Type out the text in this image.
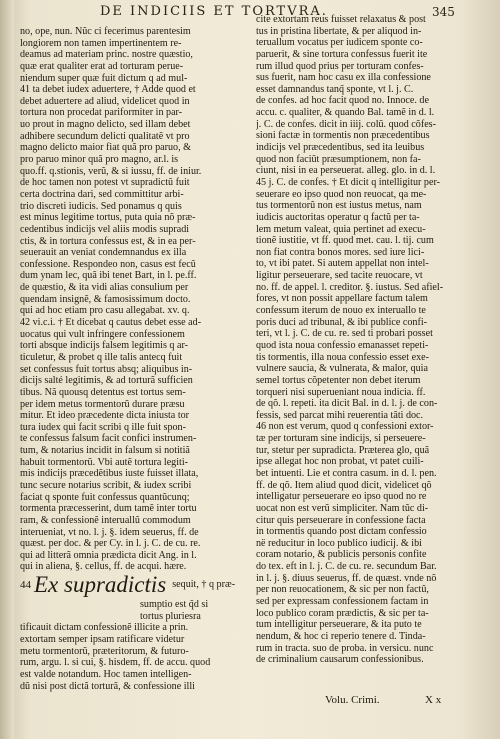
DE INDICIIS ET TORTVRA.	345
no, ope, nun. Nũc ci fecerimus parentesim
longiorem non tamen impertinentem re-
deamus ad materiam princ. nostre quæstio,
quæ erat qualiter erat ad torturam perue-
niendum super quæ fuit dictum q ad mul-
41 ta debet iudex aduertere, † Adde quod et
debet aduertere ad aliud, videlicet quod in
tortura non procedat pariformiter in par-
uo prout in magno delicto, sed illam debet
adhibere secundum delicti qualitatẽ vt pro
magno delicto maior fiat quã pro paruo, &
pro paruo minor quã pro magno, ar.l. is
quo.ff. q.stionis, verũ, & si iussu, ff. de iniur.
de hoc tamen non potest vt supradictũ fuit
certa doctrina dari, sed committitur arbi-
trio discreti iudicis. Sed ponamus q quis
est minus legitime tortus, puta quia nõ præ-
cedentibus indicijs vel aliis modis supradi
ctis, & in tortura confessus est, & in ea per-
seuerauit an veniat condemnandus ex illa
confessione. Respondeo non, casus est fecũ
dum ynam lec, quã ibi tenet Bart, in l. pe.ff.
de quæstio, & ita vidi alias consulium per
quendam insignẽ, & famosissimum docto.
qui ad hoc etiam pro casu allegabat. xv. q.
42 vi.c.i. † Et dicebat q cautus debet esse ad-
uocatus qui vult infringere confessionem
torti absque indicijs falsem legitimis q ar-
ticuletur, & probet q ille talis antecq fuit
set confessus fuit tortus absq; aliquibus in-
dicijs salté legitimis, & ad torturã sufficien
tibus. Nã quousq detentus est tortus sem-
per idem metus tormentorũ durare præsu
mitur. Et ideo præcedente dicta iniusta tor
tura iudex qui facit scribi q ille fuit spon-
te confessus falsum facit confici instrumen-
tum, & notarius incidit in falsum si notitiã
habuit tormentorũ. Vbi autẽ tortura legiti-
mis indicijs præcedẽtibus iuste fuisset illata,
tunc secure notarius scribit, & iudex scribi
faciat q sponte fuit confessus quantũcunq;
tormenta præcesserint, dum tamẽ inter tortu
ram, & confessionẽ interuallũ commodum
interueniat, vt no. l. j. §. idem seuerus, ff. de
quæst. per doc. & per Cy. in l. j. C. de cu. re.
qui ad litterã omnia prædicta dicit Ang. in l.
qui in aliena, §. cellus, ff. de acqui. hære.
$^{44}$ Ex supradictis $^{sequit, \dagger q præ-}$
sumptio est q̃d si
tortus pluriesra
tificauit dictam confessionẽ illicite a prin.
extortam semper ipsam ratificare videtur
metu tormentorũ, præteritorum, & futuro-
rum, argu. l. si cui, §. hisdem, ff. de accu. quod
est valde notandum. Hoc tamen intelligen-
dũ nisi post dictã torturã, & confessione illi
cite extortam reus fuisset relaxatus & post
tus in pristina libertate, & per aliquod in-
teruallum vocatus per iudicem sponte co-
paruerit, & sine tortura confessus fuerit ite
rum illud quod prius per torturam confes-
sus fuerit, nam hoc casu ex illa confessione
esset damnandus tanq̃ sponte, vt l. j. C.
de confes. ad hoc facit quod no. Innoce. de
accu. c. qualiter, & quando Bal. tamẽ in d. l.
j. C. de confes. dicit in iiij. colũ. quod cõfes-
sioni factæ in tormentis non præcedentibus
indicijs vel præcedentibus, sed ita leuibus
quod non faciũt præsumptionem, non fa-
ciunt, nisi in ea perseuerat. alleg. glo. in d. l.
45 j. C. de confes. † Et dicit q intelligitur per-
seuerare eo ipso quod non reuocat, qa me-
tus tormentorũ non est iustus metus, nam
iudicis auctoritas operatur q factũ per ta-
lem metum valeat, quia pertinet ad execu-
tionẽ iustitie, vt ff. quod met. cau. l. tij. cum
non fiat contra bonos mores. sed iure lici-
to, vt ibi patet. Si autem appellat non intel-
ligitur perseuerare, sed tacite reuocare, vt
no. ff. de appel. l. creditor. §. iustus. Sed afiel-
fores, vt non possit appellare factum talem
confessum iterum de nouo ex interuallo te
poris duci ad tribunal, & ibi publice confi-
teri, vt l. j. C. de cu. re. sed ti probari posset
quod ista noua confessio emanasset repeti-
tis tormentis, illa noua confessio esset exe-
vulnere saucia, & vulnerata, & malor, quia
semel tortus cõpetenter non debet iterum
torqueri nisi superueniant noua indicia. ff.
de qõ. l. repeti. ita dicit Bal. in d. l. j. de con-
fessis, sed parcat mihi reuerentia tãti doc.
46 non est verum, quod q confessioni extor-
tæ per torturam sine indicijs, si perseuere-
tur, stetur per supradicta. Præterea glo, quã
ipse allegat hoc non probat, vt patet cuili-
bet intuenti. Lie et contra casum. in d. l. pen.
ff. de qõ. Item aliud quod dicit, videlicet qõ
intelligatur perseuerare eo ipso quod no re
uocat non est verũ simpliciter. Nam tũc di-
citur quis perseuerare in confessione facta
in tormentis quando post dictam confessio
në reducitur in loco publico iudicij. & ibi
coram notario, & publicis personis confite
do tex. eft in l. j. C. de cu. re. secundum Bar.
in l. j. §. diuus seuerus, ff. de quæst. vnde nõ
per non reuocationem, & sic per non factũ,
sed per expressam confessionem factam in
loco publico coram prædictis, & sic per ta-
tum intelligitur perseuerare, & ita puto te
nendum, & hoc ci reperio tenere d. Tinda-
rum in tracta. suo de proba. in versicu. nunc
de criminalium causarum confessionibus.
Volu. Crimi.	X x
